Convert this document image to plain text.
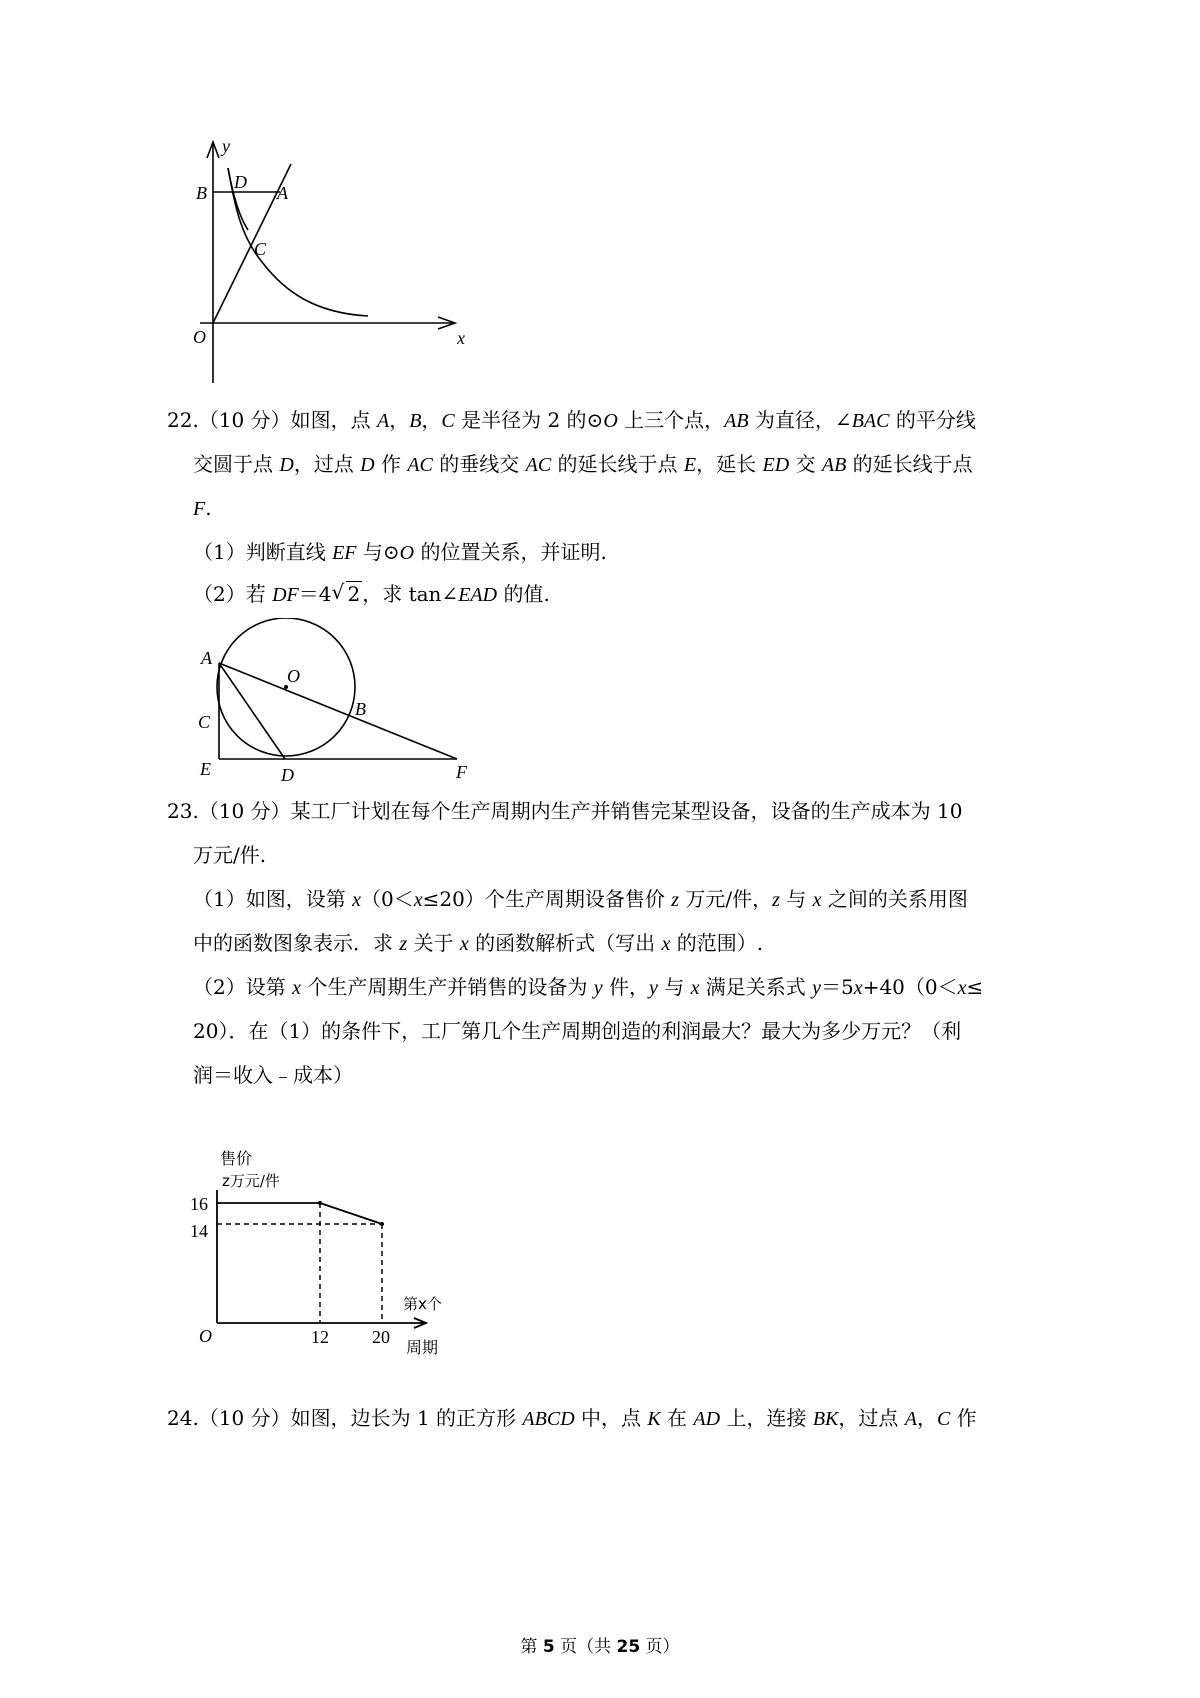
y
B
D
A
C
O	x
22.（10 分）如图，点 A，B，C 是半径为 2 的⊙O 上三个点，AB 为直径，∠BAC 的平分线
交圆于点 D，过点 D 作 AC 的垂线交 AC 的延长线于点 E，延长 ED 交 AB 的延长线于点
F.
（1）判断直线 EF 与⊙O 的位置关系，并证明.
（2）若 DF＝4√ 2 ，求 tan∠EAD 的值.
A
O
B
C
E	D	F
23.（10 分）某工厂计划在每个生产周期内生产并销售完某型设备，设备的生产成本为 10
万元/件.
（1）如图，设第 x（0＜x≤20）个生产周期设备售价 z 万元/件，z 与 x 之间的关系用图
中的函数图象表示．求 z 关于 x 的函数解析式（写出 x 的范围）.
（2）设第 x 个生产周期生产并销售的设备为 y 件，y 与 x 满足关系式 y＝5x+40（0＜x≤
20）．在（1）的条件下，工厂第几个生产周期创造的利润最大？最大为多少万元？（利
润＝收入﹣成本）
售价
z万元/件
16
14
O	12 20
第x个
周期
24.（10 分）如图，边长为 1 的正方形 ABCD 中，点 K 在 AD 上，连接 BK，过点 A，C 作
第 5 页（共 25 页）
